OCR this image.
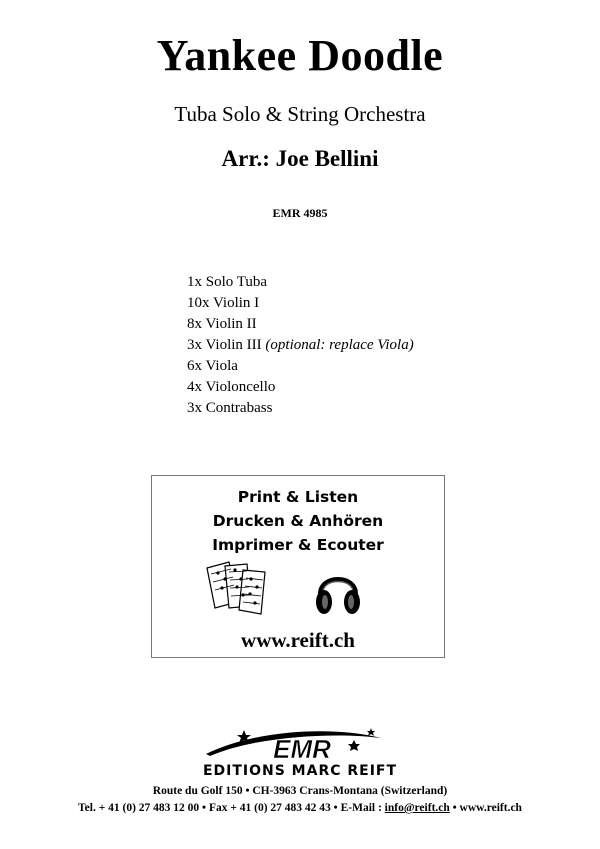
Yankee Doodle
Tuba Solo & String Orchestra
Arr.: Joe Bellini
EMR 4985
1x Solo Tuba
10x Violin I
8x Violin II
3x Violin III (optional: replace Viola)
6x Viola
4x Violoncello
3x Contrabass
Print & Listen
Drucken & Anhören
Imprimer & Ecouter
www.reift.ch
EMR
EDITIONS MARC REIFT
Route du Golf 150 • CH-3963 Crans-Montana (Switzerland)
Tel. + 41 (0) 27 483 12 00 • Fax + 41 (0) 27 483 42 43 • E-Mail : info@reift.ch • www.reift.ch
